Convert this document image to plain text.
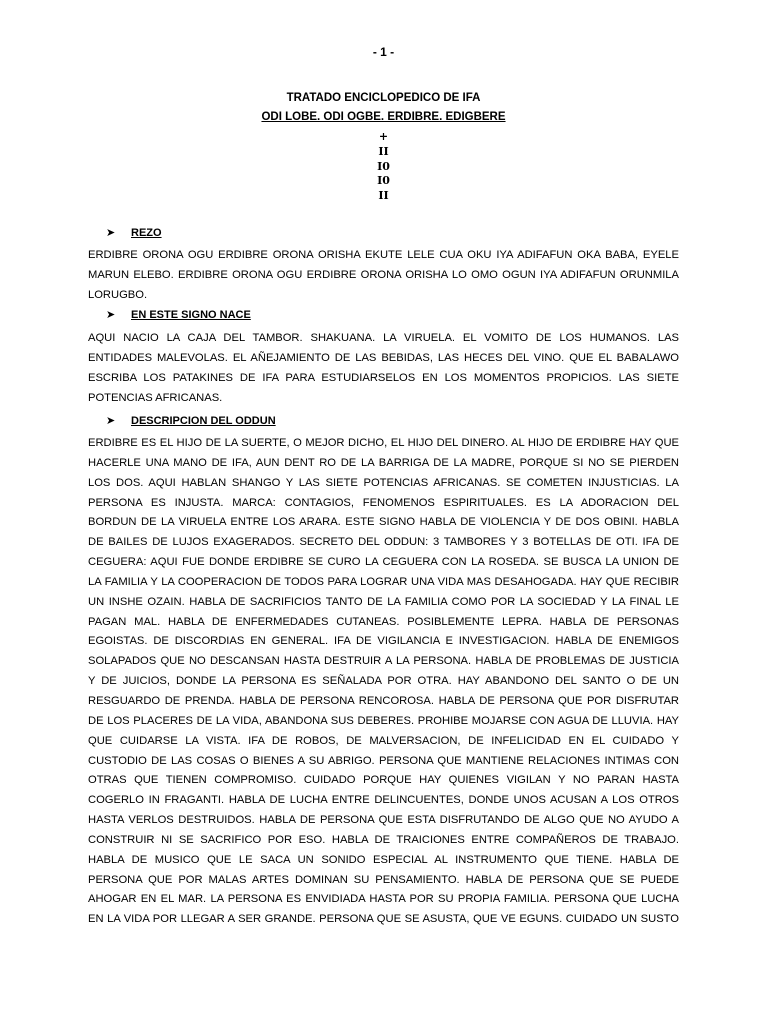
- 1 -
TRATADO ENCICLOPEDICO DE IFA
ODI LOBE. ODI OGBE. ERDIBRE. EDIGBERE
+
II
I0
I0
II
➤ REZO
ERDIBRE ORONA OGU ERDIBRE ORONA ORISHA EKUTE LELE CUA OKU IYA ADIFAFUN OKA BABA, EYELE
MARUN ELEBO. ERDIBRE ORONA OGU ERDIBRE ORONA ORISHA LO OMO OGUN IYA ADIFAFUN ORUNMILA
LORUGBO.
➤ EN ESTE SIGNO NACE
AQUI NACIO LA CAJA DEL TAMBOR. SHAKUANA. LA VIRUELA. EL VOMITO DE LOS HUMANOS. LAS
ENTIDADES MALEVOLAS. EL AÑEJAMIENTO DE LAS BEBIDAS, LAS HECES DEL VINO. QUE EL BABALAWO
ESCRIBA LOS PATAKINES DE IFA PARA ESTUDIARSELOS EN LOS MOMENTOS PROPICIOS. LAS SIETE
POTENCIAS AFRICANAS.
➤ DESCRIPCION DEL ODDUN
ERDIBRE ES EL HIJO DE LA SUERTE, O MEJOR DICHO, EL HIJO DEL DINERO. AL HIJO DE ERDIBRE HAY QUE
HACERLE UNA MANO DE IFA, AUN DENT RO DE LA BARRIGA DE LA MADRE, PORQUE SI NO SE PIERDEN
LOS DOS. AQUI HABLAN SHANGO Y LAS SIETE POTENCIAS AFRICANAS. SE COMETEN INJUSTICIAS. LA
PERSONA ES INJUSTA. MARCA: CONTAGIOS, FENOMENOS ESPIRITUALES. ES LA ADORACION DEL
BORDUN DE LA VIRUELA ENTRE LOS ARARA. ESTE SIGNO HABLA DE VIOLENCIA Y DE DOS OBINI. HABLA
DE BAILES DE LUJOS EXAGERADOS. SECRETO DEL ODDUN: 3 TAMBORES Y 3 BOTELLAS DE OTI. IFA DE
CEGUERA: AQUI FUE DONDE ERDIBRE SE CURO LA CEGUERA CON LA ROSEDA. SE BUSCA LA UNION DE
LA FAMILIA Y LA COOPERACION DE TODOS PARA LOGRAR UNA VIDA MAS DESAHOGADA. HAY QUE RECIBIR
UN INSHE OZAIN. HABLA DE SACRIFICIOS TANTO DE LA FAMILIA COMO POR LA SOCIEDAD Y LA FINAL LE
PAGAN MAL. HABLA DE ENFERMEDADES CUTANEAS. POSIBLEMENTE LEPRA. HABLA DE PERSONAS
EGOISTAS. DE DISCORDIAS EN GENERAL. IFA DE VIGILANCIA E INVESTIGACION. HABLA DE ENEMIGOS
SOLAPADOS QUE NO DESCANSAN HASTA DESTRUIR A LA PERSONA. HABLA DE PROBLEMAS DE JUSTICIA
Y DE JUICIOS, DONDE LA PERSONA ES SEÑALADA POR OTRA. HAY ABANDONO DEL SANTO O DE UN
RESGUARDO DE PRENDA. HABLA DE PERSONA RENCOROSA. HABLA DE PERSONA QUE POR DISFRUTAR
DE LOS PLACERES DE LA VIDA, ABANDONA SUS DEBERES. PROHIBE MOJARSE CON AGUA DE LLUVIA. HAY
QUE CUIDARSE LA VISTA. IFA DE ROBOS, DE MALVERSACION, DE INFELICIDAD EN EL CUIDADO Y
CUSTODIO DE LAS COSAS O BIENES A SU ABRIGO. PERSONA QUE MANTIENE RELACIONES INTIMAS CON
OTRAS QUE TIENEN COMPROMISO. CUIDADO PORQUE HAY QUIENES VIGILAN Y NO PARAN HASTA
COGERLO IN FRAGANTI. HABLA DE LUCHA ENTRE DELINCUENTES, DONDE UNOS ACUSAN A LOS OTROS
HASTA VERLOS DESTRUIDOS. HABLA DE PERSONA QUE ESTA DISFRUTANDO DE ALGO QUE NO AYUDO A
CONSTRUIR NI SE SACRIFICO POR ESO. HABLA DE TRAICIONES ENTRE COMPAÑEROS DE TRABAJO.
HABLA DE MUSICO QUE LE SACA UN SONIDO ESPECIAL AL INSTRUMENTO QUE TIENE. HABLA DE
PERSONA QUE POR MALAS ARTES DOMINAN SU PENSAMIENTO. HABLA DE PERSONA QUE SE PUEDE
AHOGAR EN EL MAR. LA PERSONA ES ENVIDIADA HASTA POR SU PROPIA FAMILIA. PERSONA QUE LUCHA
EN LA VIDA POR LLEGAR A SER GRANDE. PERSONA QUE SE ASUSTA, QUE VE EGUNS. CUIDADO UN SUSTO
